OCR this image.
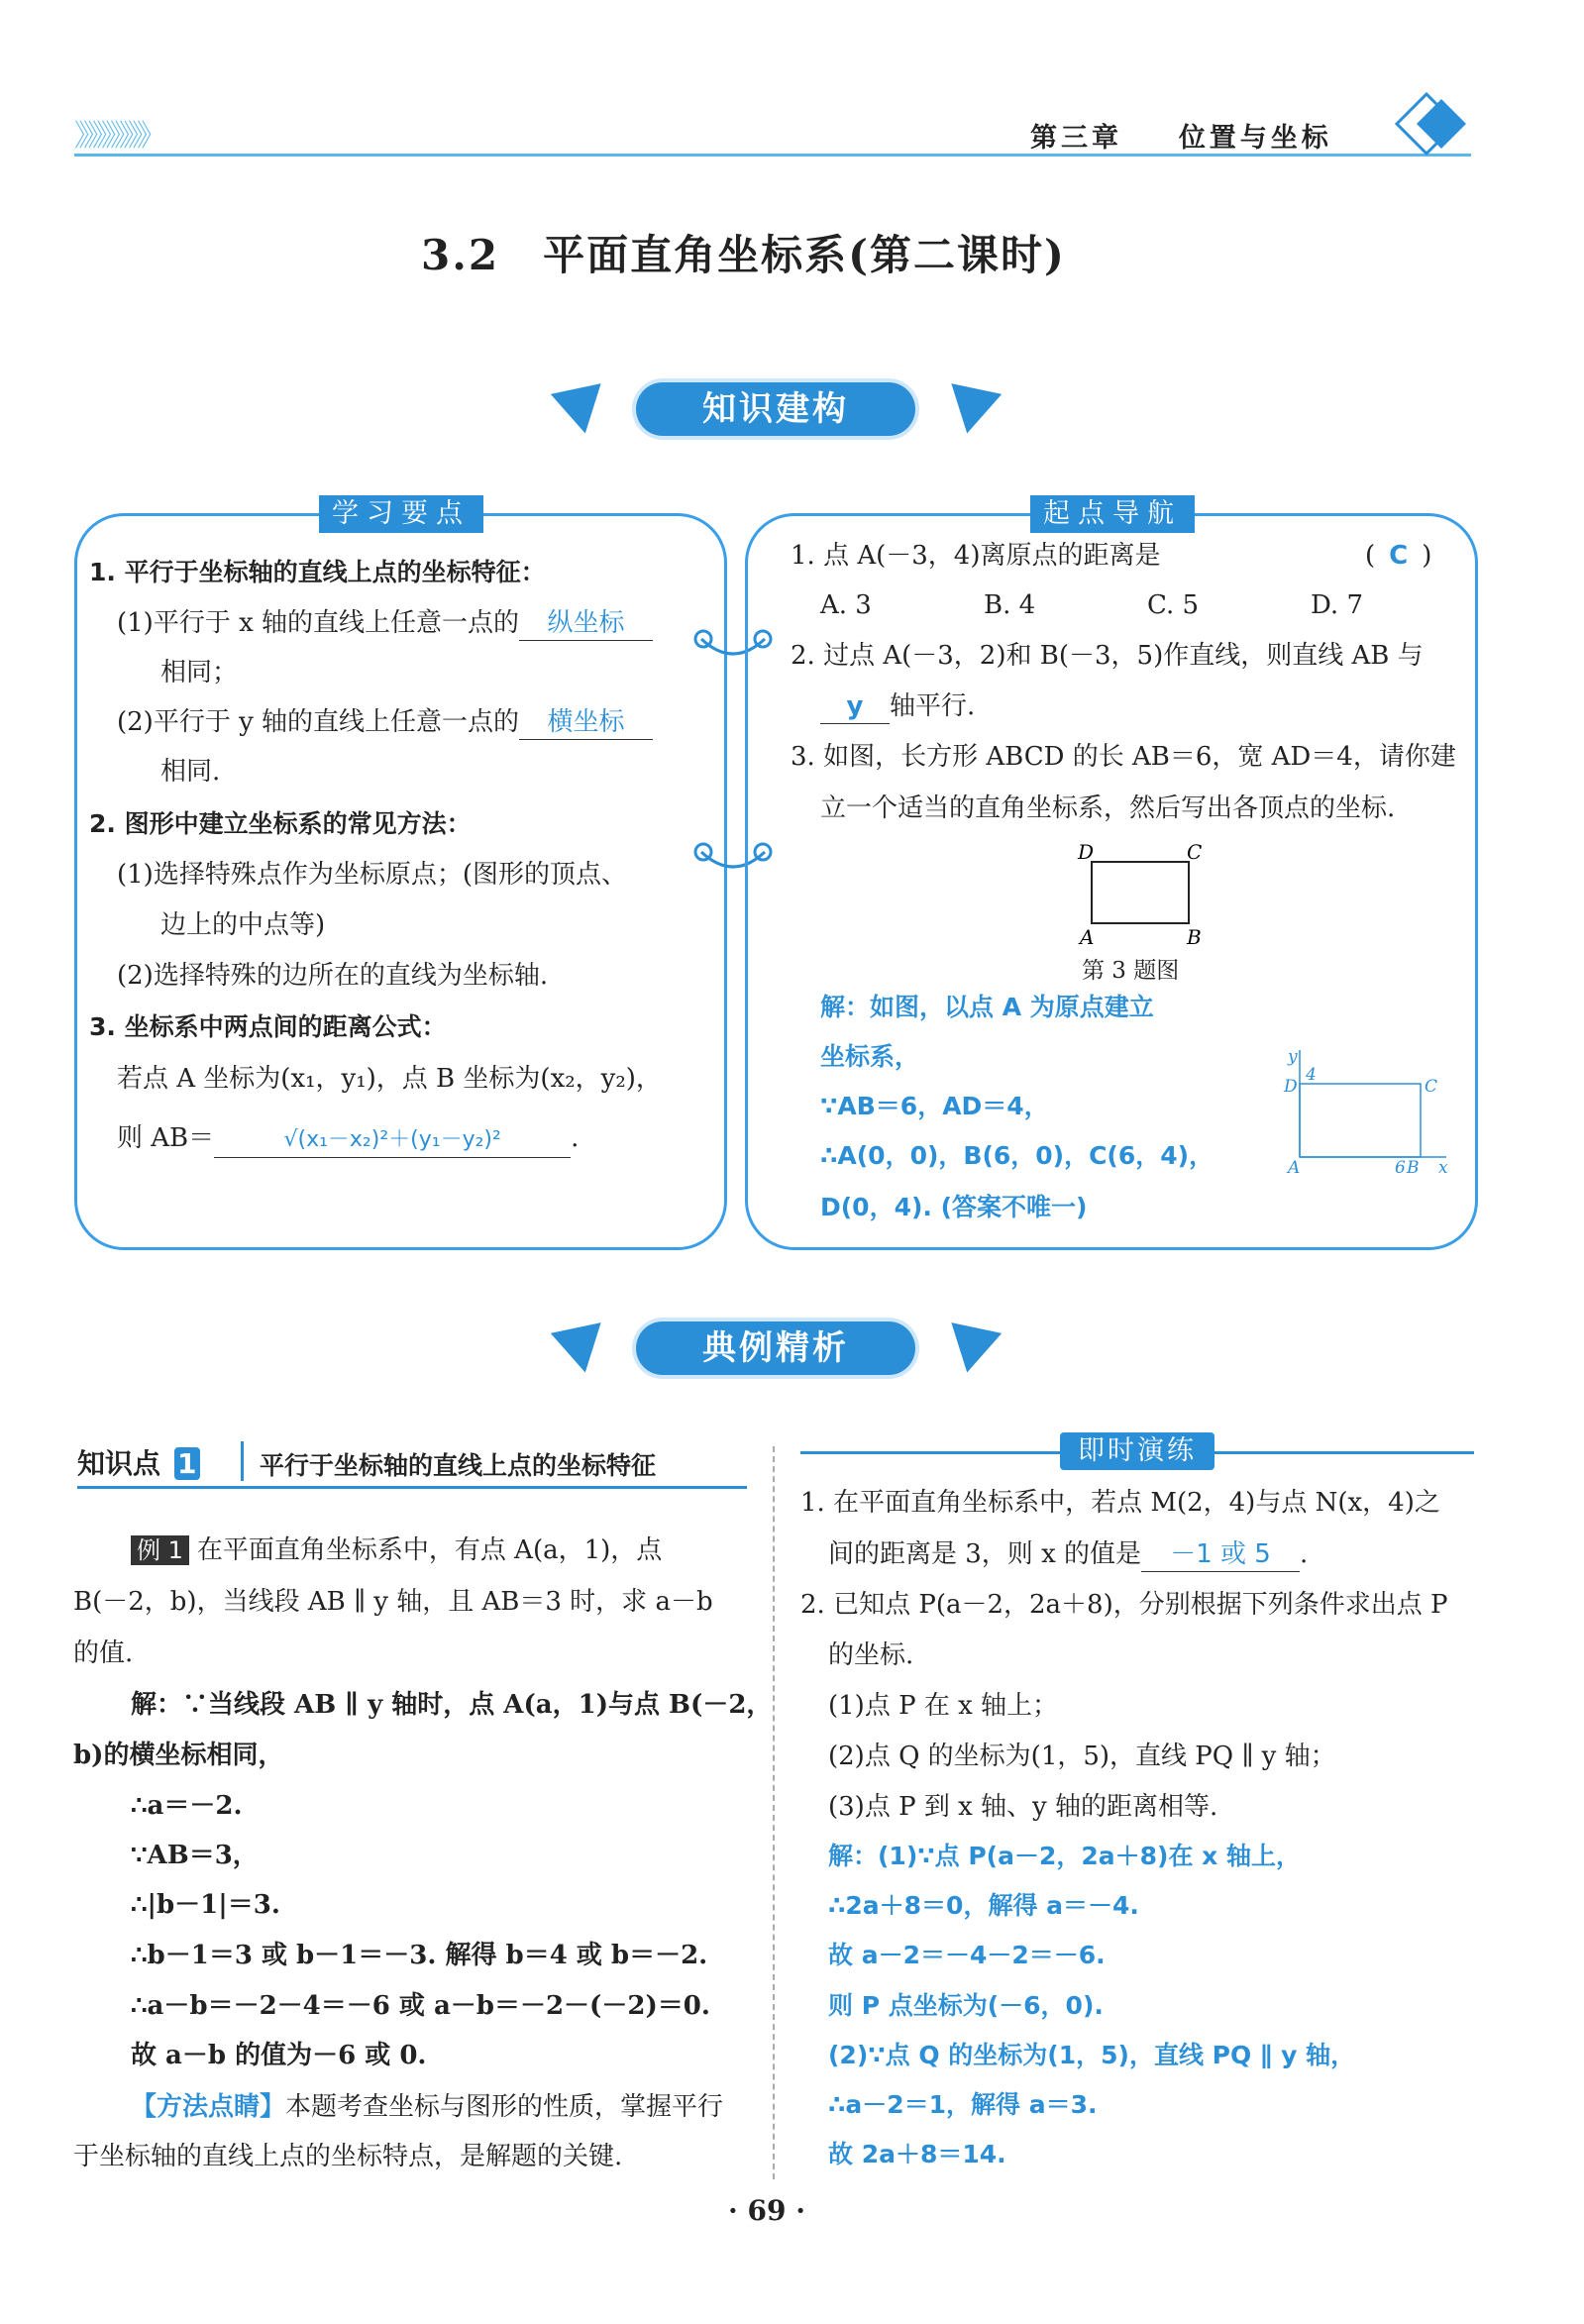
》》》》》》》》	第三章 位置与坐标
3.2　平面直角坐标系(第二课时)
知识建构
学习要点
1. 平行于坐标轴的直线上点的坐标特征：
(1)平行于 x 轴的直线上任意一点的 纵坐标
相同；
(2)平行于 y 轴的直线上任意一点的 横坐标
相同.
2. 图形中建立坐标系的常见方法：
(1)选择特殊点作为坐标原点；(图形的顶点、
边上的中点等)
(2)选择特殊的边所在的直线为坐标轴.
3. 坐标系中两点间的距离公式：
若点 A 坐标为(x₁，y₁)，点 B 坐标为(x₂，y₂)，
则 AB＝	√(x₁－x₂)²＋(y₁－y₂)²	.
起点导航
1. 点 A(－3，4)离原点的距离是	( C )
A. 3	B. 4	C. 5	D. 7
2. 过点 A(－3，2)和 B(－3，5)作直线，则直线 AB 与
y 轴平行.
3. 如图，长方形 ABCD 的长 AB＝6，宽 AD＝4，请你建
立一个适当的直角坐标系，然后写出各顶点的坐标.
D	C
A	B
第 3 题图
解：如图，以点 A 为原点建立
坐标系，
∵AB＝6，AD＝4，
∴A(0，0)，B(6，0)，C(6，4)，
D(0，4). (答案不唯一)
y
4
D	C
A	6 B x
典例精析
知识点 1	平行于坐标轴的直线上点的坐标特征
例 1 在平面直角坐标系中，有点 A(a，1)，点
B(－2，b)，当线段 AB ∥ y 轴，且 AB＝3 时，求 a－b
的值.
解：∵当线段 AB ∥ y 轴时，点 A(a，1)与点 B(－2，
b)的横坐标相同，
∴a＝－2.
∵AB＝3，
∴|b－1|＝3.
∴b－1＝3 或 b－1＝－3. 解得 b＝4 或 b＝－2.
∴a－b＝－2－4＝－6 或 a－b＝－2－(－2)＝0.
故 a－b 的值为－6 或 0.
【方法点睛】本题考查坐标与图形的性质，掌握平行
于坐标轴的直线上点的坐标特点，是解题的关键.
即时演练
1. 在平面直角坐标系中，若点 M(2，4)与点 N(x，4)之
间的距离是 3，则 x 的值是 －1 或 5 .
2. 已知点 P(a－2，2a＋8)，分别根据下列条件求出点 P
的坐标.
(1)点 P 在 x 轴上；
(2)点 Q 的坐标为(1，5)，直线 PQ ∥ y 轴；
(3)点 P 到 x 轴、y 轴的距离相等.
解：(1)∵点 P(a－2，2a＋8)在 x 轴上，
∴2a＋8＝0，解得 a＝－4.
故 a－2＝－4－2＝－6.
则 P 点坐标为(－6，0).
(2)∵点 Q 的坐标为(1，5)，直线 PQ ∥ y 轴，
∴a－2＝1，解得 a＝3.
故 2a＋8＝14.
· 69 ·
